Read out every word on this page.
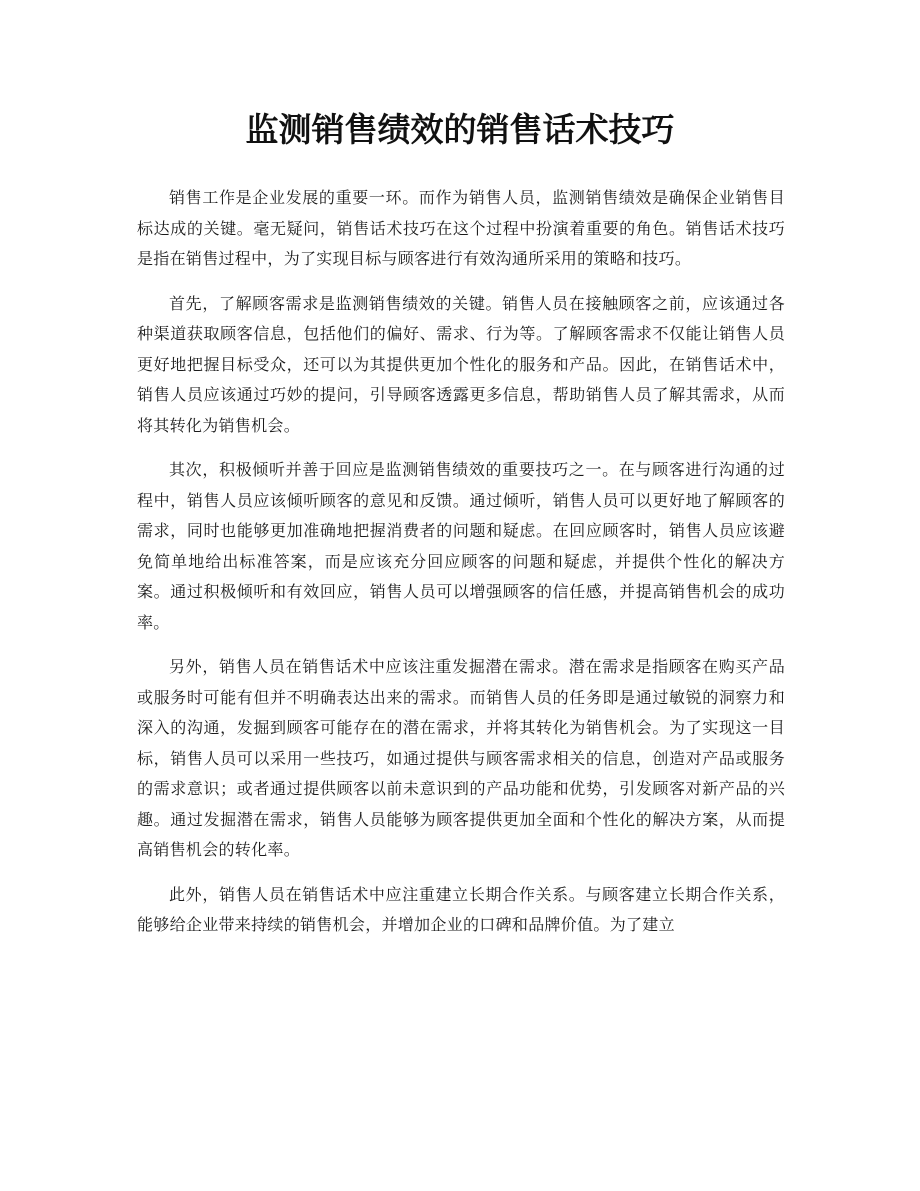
监测销售绩效的销售话术技巧

销售工作是企业发展的重要一环。而作为销售人员，监测销售绩效是确保企业销售目标达成的关键。毫无疑问，销售话术技巧在这个过程中扮演着重要的角色。销售话术技巧是指在销售过程中，为了实现目标与顾客进行有效沟通所采用的策略和技巧。

首先，了解顾客需求是监测销售绩效的关键。销售人员在接触顾客之前，应该通过各种渠道获取顾客信息，包括他们的偏好、需求、行为等。了解顾客需求不仅能让销售人员更好地把握目标受众，还可以为其提供更加个性化的服务和产品。因此，在销售话术中，销售人员应该通过巧妙的提问，引导顾客透露更多信息，帮助销售人员了解其需求，从而将其转化为销售机会。

其次，积极倾听并善于回应是监测销售绩效的重要技巧之一。在与顾客进行沟通的过程中，销售人员应该倾听顾客的意见和反馈。通过倾听，销售人员可以更好地了解顾客的需求，同时也能够更加准确地把握消费者的问题和疑虑。在回应顾客时，销售人员应该避免简单地给出标准答案，而是应该充分回应顾客的问题和疑虑，并提供个性化的解决方案。通过积极倾听和有效回应，销售人员可以增强顾客的信任感，并提高销售机会的成功率。

另外，销售人员在销售话术中应该注重发掘潜在需求。潜在需求是指顾客在购买产品或服务时可能有但并不明确表达出来的需求。而销售人员的任务即是通过敏锐的洞察力和深入的沟通，发掘到顾客可能存在的潜在需求，并将其转化为销售机会。为了实现这一目标，销售人员可以采用一些技巧，如通过提供与顾客需求相关的信息，创造对产品或服务的需求意识；或者通过提供顾客以前未意识到的产品功能和优势，引发顾客对新产品的兴趣。通过发掘潜在需求，销售人员能够为顾客提供更加全面和个性化的解决方案，从而提高销售机会的转化率。

此外，销售人员在销售话术中应注重建立长期合作关系。与顾客建立长期合作关系，能够给企业带来持续的销售机会，并增加企业的口碑和品牌价值。为了建立
